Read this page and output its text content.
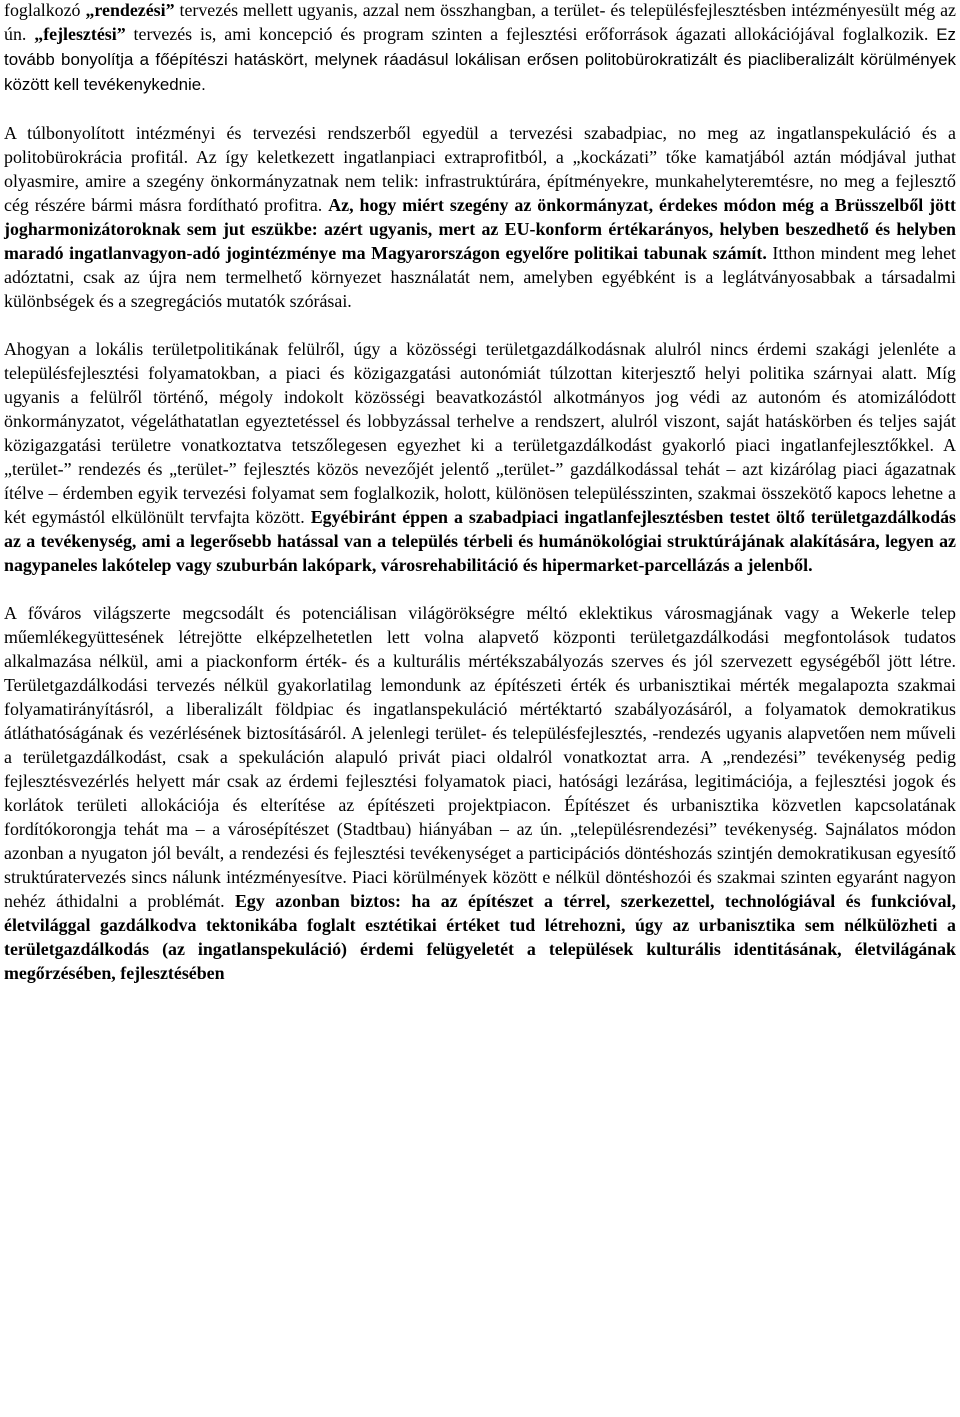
foglalkozó „rendezési” tervezés mellett ugyanis, azzal nem összhangban, a terület- és településfejlesztésben intézményesült még az ún. „fejlesztési” tervezés is, ami koncepció és program szinten a fejlesztési erőforrások ágazati allokációjával foglalkozik. Ez tovább bonyolítja a főépítészi hatáskört, melynek ráadásul lokálisan erősen politobürokratizált és piacliberalizált körülmények között kell tevékenykednie.

A túlbonyolított intézményi és tervezési rendszerből egyedül a tervezési szabadpiac, no meg az ingatlanspekuláció és a politobürokrácia profitál. Az így keletkezett ingatlanpiaci extraprofitból, a „kockázati” tőke kamatjából aztán módjával juthat olyasmire, amire a szegény önkormányzatnak nem telik: infrastruktúrára, építményekre, munkahelyteremtésre, no meg a fejlesztő cég részére bármi másra fordítható profitra. Az, hogy miért szegény az önkormányzat, érdekes módon még a Brüsszelből jött jogharmonizátoroknak sem jut eszükbe: azért ugyanis, mert az EU-konform értékarányos, helyben beszedhető és helyben maradó ingatlanvagyon-adó jogintézménye ma Magyarországon egyelőre politikai tabunak számít. Itthon mindent meg lehet adóztatni, csak az újra nem termelhető környezet használatát nem, amelyben egyébként is a leglátványosabbak a társadalmi különbségek és a szegregációs mutatók szórásai.

Ahogyan a lokális területpolitikának felülről, úgy a közösségi területgazdálkodásnak alulról nincs érdemi szakági jelenléte a településfejlesztési folyamatokban, a piaci és közigazgatási autonómiát túlzottan kiterjesztő helyi politika szárnyai alatt. Míg ugyanis a felülről történő, mégoly indokolt közösségi beavatkozástól alkotmányos jog védi az autonóm és atomizálódott önkormányzatot, végeláthatatlan egyeztetéssel és lobbyzással terhelve a rendszert, alulról viszont, saját hatáskörben és teljes saját közigazgatási területre vonatkoztatva tetszőlegesen egyezhet ki a területgazdálkodást gyakorló piaci ingatlanfejlesztőkkel. A „terület-” rendezés és „terület-” fejlesztés közös nevezőjét jelentő „terület-” gazdálkodással tehát – azt kizárólag piaci ágazatnak ítélve – érdemben egyik tervezési folyamat sem foglalkozik, holott, különösen településszinten, szakmai összekötő kapocs lehetne a két egymástól elkülönült tervfajta között. Egyébiránt éppen a szabadpiaci ingatlanfejlesztésben testet öltő területgazdálkodás az a tevékenység, ami a legerősebb hatással van a település térbeli és humánökológiai struktúrájának alakítására, legyen az nagypaneles lakótelep vagy szuburbán lakópark, városrehabilitáció és hipermarket-parcellázás a jelenből.

A főváros világszerte megcsodált és potenciálisan világörökségre méltó eklektikus városmagjának vagy a Wekerle telep műemlékegyüttesének létrejötte elképzelhetetlen lett volna alapvető központi területgazdálkodási megfontolások tudatos alkalmazása nélkül, ami a piackonform érték- és a kulturális mértékszabályozás szerves és jól szervezett egységéből jött létre. Területgazdálkodási tervezés nélkül gyakorlatilag lemondunk az építészeti érték és urbanisztikai mérték megalapozta szakmai folyamatirányításról, a liberalizált földpiac és ingatlanspekuláció mértéktartó szabályozásáról, a folyamatok demokratikus átláthatóságának és vezérlésének biztosításáról. A jelenlegi terület- és településfejlesztés, -rendezés ugyanis alapvetően nem műveli a területgazdálkodást, csak a spekuláción alapuló privát piaci oldalról vonatkoztat arra. A „rendezési” tevékenység pedig fejlesztésvezérlés helyett már csak az érdemi fejlesztési folyamatok piaci, hatósági lezárása, legitimációja, a fejlesztési jogok és korlátok területi allokációja és elterítése az építészeti projektpiacon. Építészet és urbanisztika közvetlen kapcsolatának fordítókorongja tehát ma – a városépítészet (Stadtbau) hiányában – az ún. „településrendezési” tevékenység. Sajnálatos módon azonban a nyugaton jól bevált, a rendezési és fejlesztési tevékenységet a participációs döntéshozás szintjén demokratikusan egyesítő struktúratervezés sincs nálunk intézményesítve. Piaci körülmények között e nélkül döntéshozói és szakmai szinten egyaránt nagyon nehéz áthidalni a problémát. Egy azonban biztos: ha az építészet a térrel, szerkezettel, technológiával és funkcióval, életvilággal gazdálkodva tektonikába foglalt esztétikai értéket tud létrehozni, úgy az urbanisztika sem nélkülözheti a területgazdálkodás (az ingatlanspekuláció) érdemi felügyeletét a települések kulturális identitásának, életvilágának megőrzésében, fejlesztésében
